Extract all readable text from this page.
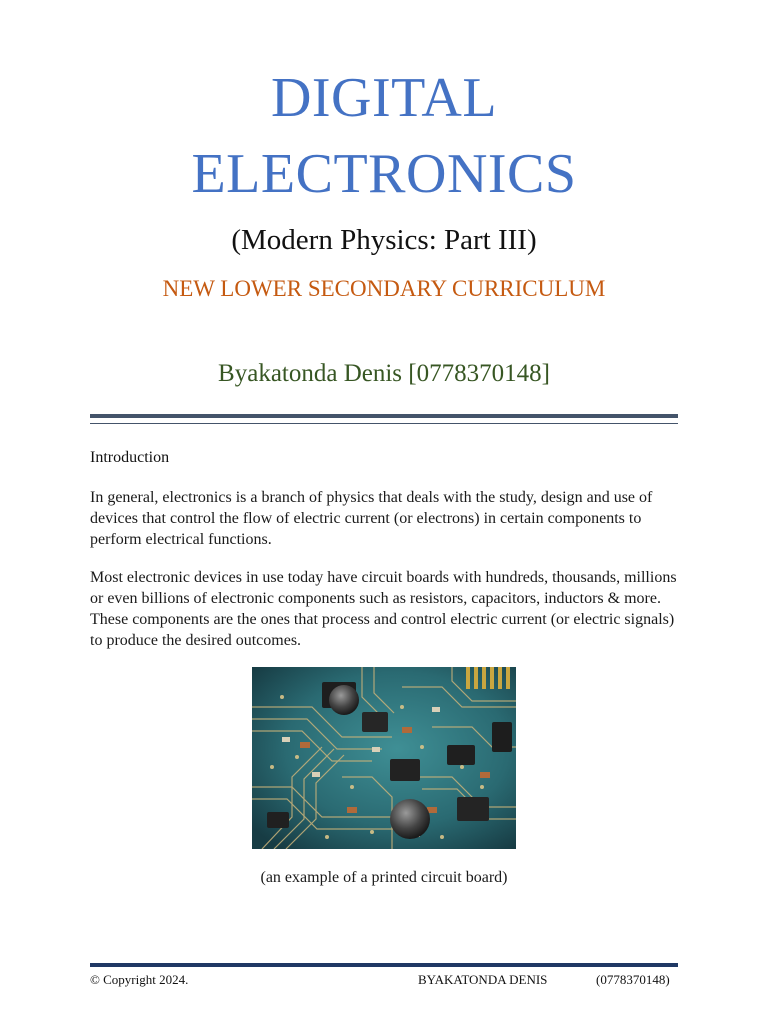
DIGITAL
ELECTRONICS
(Modern Physics: Part III)
NEW LOWER SECONDARY CURRICULUM
Byakatonda Denis [0778370148]
Introduction

In general, electronics is a branch of physics that deals with the study, design and use of devices that control the flow of electric current (or electrons) in certain components to perform electrical functions.

Most electronic devices in use today have circuit boards with hundreds, thousands, millions or even billions of electronic components such as resistors, capacitors, inductors & more. These components are the ones that process and control electric current (or electric signals) to produce the desired outcomes.

(an example of a printed circuit board)
© Copyright 2024.	BYAKATONDA DENIS	(0778370148)
